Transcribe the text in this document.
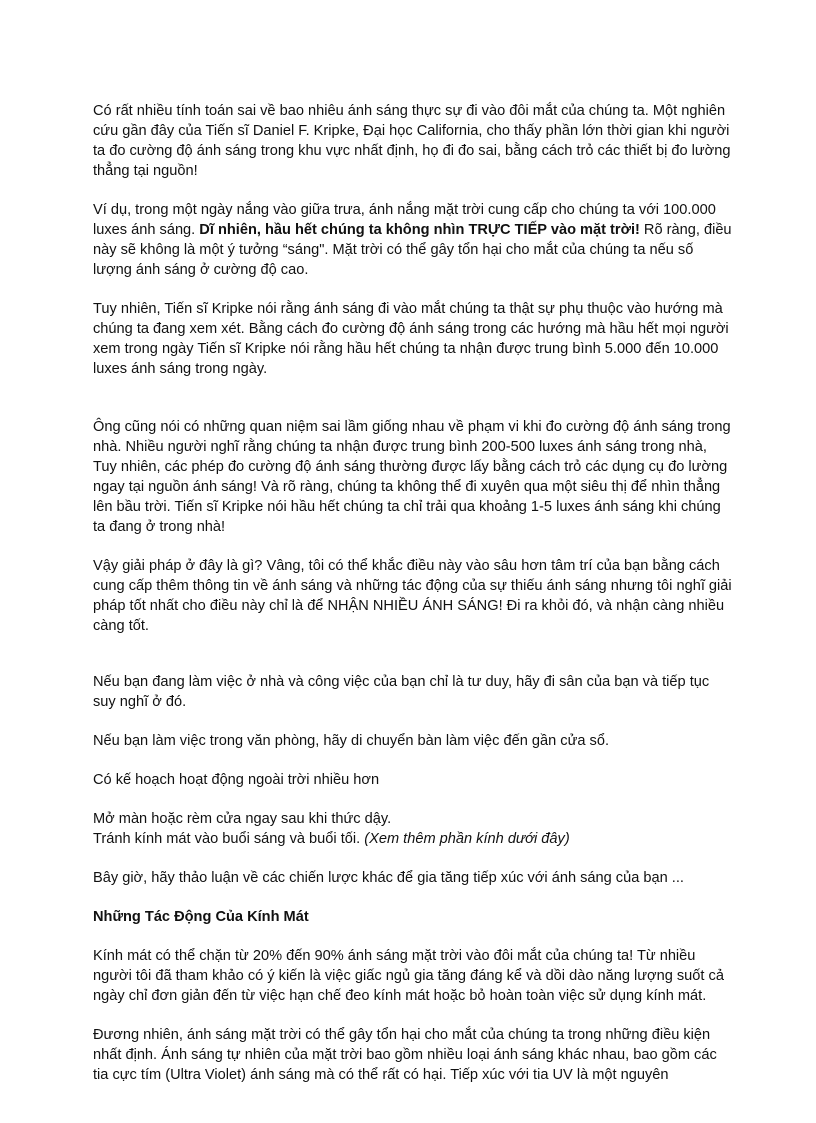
Có rất nhiều tính toán sai về bao nhiêu ánh sáng thực sự đi vào đôi mắt của chúng ta. Một nghiên cứu gần đây của Tiến sĩ Daniel F. Kripke, Đại học California, cho thấy phần lớn thời gian khi người ta đo cường độ ánh sáng trong khu vực nhất định, họ đi đo sai, bằng cách trỏ các thiết bị đo lường thẳng tại nguồn!

Ví dụ, trong một ngày nắng vào giữa trưa, ánh nắng mặt trời cung cấp cho chúng ta với 100.000 luxes ánh sáng. Dĩ nhiên, hầu hết chúng ta không nhìn TRỰC TIẾP vào mặt trời! Rõ ràng, điều này sẽ không là một ý tưởng “sáng". Mặt trời có thể gây tổn hại cho mắt của chúng ta nếu số lượng ánh sáng ở cường độ cao.

Tuy nhiên, Tiến sĩ Kripke nói rằng ánh sáng đi vào mắt chúng ta thật sự phụ thuộc vào hướng mà chúng ta đang xem xét. Bằng cách đo cường độ ánh sáng trong các hướng mà hầu hết mọi người xem trong ngày Tiến sĩ Kripke nói rằng hầu hết chúng ta nhận được trung bình 5.000 đến 10.000 luxes ánh sáng trong ngày.

Ông cũng nói có những quan niệm sai lầm giống nhau về phạm vi khi đo cường độ ánh sáng trong nhà. Nhiều người nghĩ rằng chúng ta nhận được trung bình 200-500 luxes ánh sáng trong nhà, Tuy nhiên, các phép đo cường độ ánh sáng thường được lấy bằng cách trỏ các dụng cụ đo lường ngay tại nguồn ánh sáng! Và rõ ràng, chúng ta không thể đi xuyên qua một siêu thị để nhìn thẳng lên bầu trời. Tiến sĩ Kripke nói hầu hết chúng ta chỉ trải qua khoảng 1-5 luxes ánh sáng khi chúng ta đang ở trong nhà!

Vậy giải pháp ở đây là gì? Vâng, tôi có thể khắc điều này vào sâu hơn tâm trí của bạn bằng cách cung cấp thêm thông tin về ánh sáng và những tác động của sự thiếu ánh sáng nhưng tôi nghĩ giải pháp tốt nhất cho điều này chỉ là để NHẬN NHIỀU ÁNH SÁNG! Đi ra khỏi đó, và nhận càng nhiều càng tốt.

Nếu bạn đang làm việc ở nhà và công việc của bạn chỉ là tư duy, hãy đi sân của bạn và tiếp tục suy nghĩ ở đó.

Nếu bạn làm việc trong văn phòng, hãy di chuyển bàn làm việc đến gần cửa sổ.

Có kế hoạch hoạt động ngoài trời nhiều hơn

Mở màn hoặc rèm cửa ngay sau khi thức dậy.
Tránh kính mát vào buổi sáng và buổi tối. (Xem thêm phần kính dưới đây)

Bây giờ, hãy thảo luận về các chiến lược khác để gia tăng tiếp xúc với ánh sáng của bạn ...

Những Tác Động Của Kính Mát

Kính mát có thể chặn từ 20% đến 90% ánh sáng mặt trời vào đôi mắt của chúng ta! Từ nhiều người tôi đã tham khảo có ý kiến là việc giấc ngủ gia tăng đáng kể và dồi dào năng lượng suốt cả ngày chỉ đơn giản đến từ việc hạn chế đeo kính mát hoặc bỏ hoàn toàn việc sử dụng kính mát.

Đương nhiên, ánh sáng mặt trời có thể gây tổn hại cho mắt của chúng ta trong những điều kiện nhất định. Ánh sáng tự nhiên của mặt trời bao gồm nhiều loại ánh sáng khác nhau, bao gồm các tia cực tím (Ultra Violet) ánh sáng mà có thể rất có hại. Tiếp xúc với tia UV là một nguyên
